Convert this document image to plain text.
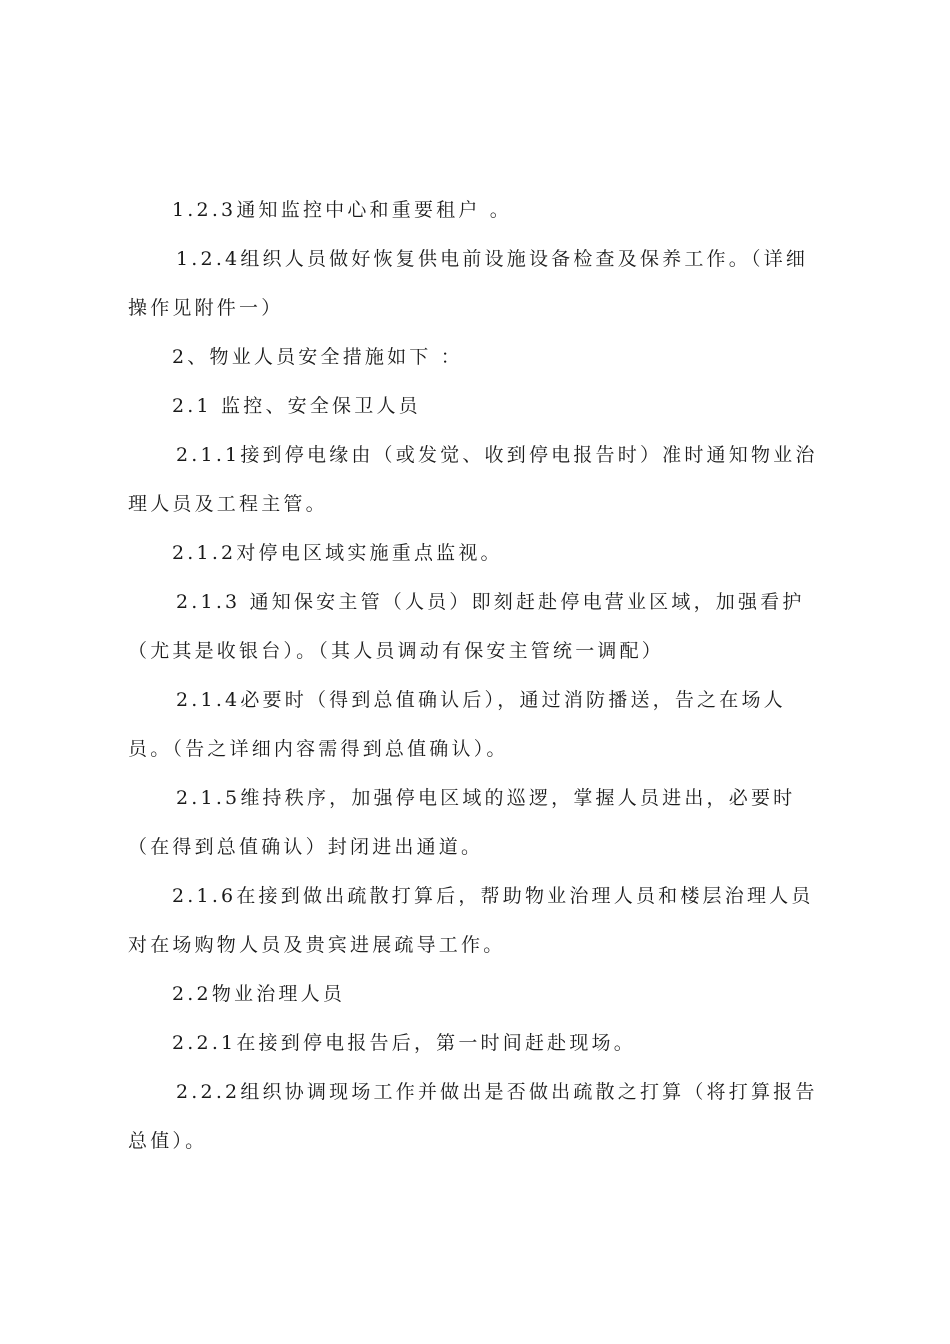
1.2.3通知监控中心和重要租户 。

1.2.4组织人员做好恢复供电前设施设备检查及保养工作。（详细
操作见附件一）

2、物业人员安全措施如下 ：

2.1 监控、安全保卫人员

2.1.1接到停电缘由（或发觉、收到停电报告时）准时通知物业治
理人员及工程主管。

2.1.2对停电区域实施重点监视。

2.1.3 通知保安主管（人员）即刻赶赴停电营业区域，加强看护
（尤其是收银台）。（其人员调动有保安主管统一调配）

2.1.4必要时（得到总值确认后），通过消防播送，告之在场人
员。（告之详细内容需得到总值确认）。

2.1.5维持秩序，加强停电区域的巡逻，掌握人员进出，必要时
（在得到总值确认）封闭进出通道。

2.1.6在接到做出疏散打算后，帮助物业治理人员和楼层治理人员
对在场购物人员及贵宾进展疏导工作。

2.2物业治理人员

2.2.1在接到停电报告后，第一时间赶赴现场。

2.2.2组织协调现场工作并做出是否做出疏散之打算（将打算报告
总值）。
